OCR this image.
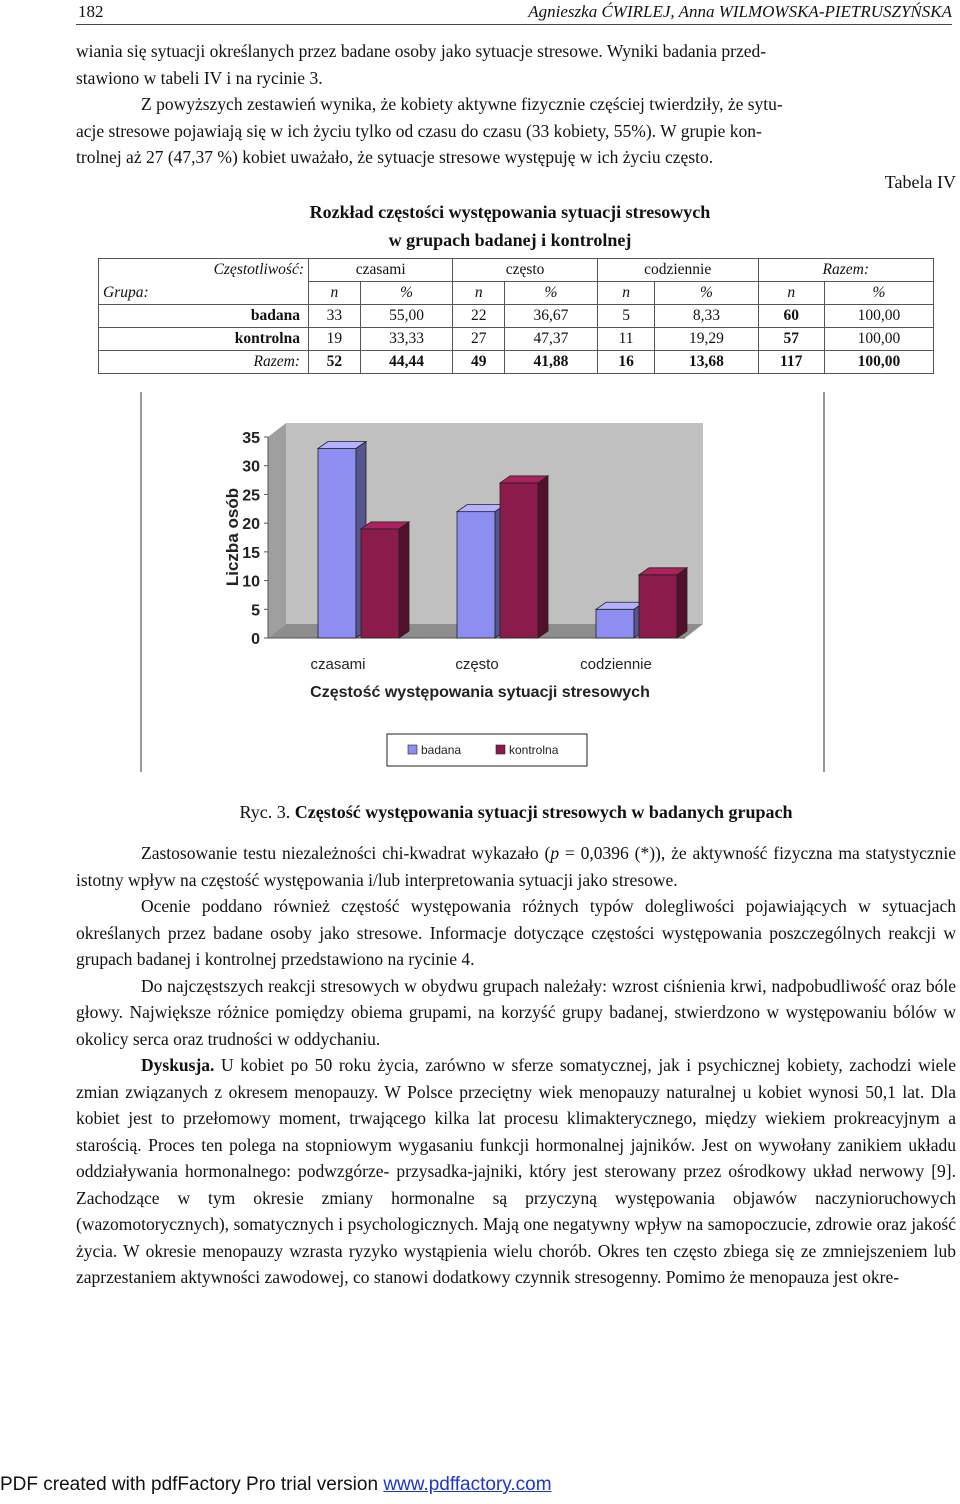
182	Agnieszka ĆWIRLEJ, Anna WILMOWSKA-PIETRUSZYŃSKA

wiania się sytuacji określanych przez badane osoby jako sytuacje stresowe. Wyniki badania przed-

stawiono w tabeli IV i na rycinie 3.

Z powyższych zestawień wynika, że kobiety aktywne fizycznie częściej twierdziły, że sytu-

acje stresowe pojawiają się w ich życiu tylko od czasu do czasu (33 kobiety, 55%). W grupie kon-

trolnej aż 27 (47,37 %) kobiet uważało, że sytuacje stresowe występuję w ich życiu często.

Tabela IV
Rozkład częstości występowania sytuacji stresowych
w grupach badanej i kontrolnej
Częstotliwość:	czasami		często		codziennie		Razem:	
Grupa:	n	%	n	%	n	%	n	%
badana	33	55,00	22	36,67	5	8,33	60	100,00
kontrolna	19	33,33	27	47,37	11	19,29	57	100,00
Razem:	52	44,44	49	41,88	16	13,68	117	100,00
0
5
10
15
20
25
30
35
Liczba osób
czasami	często	codziennie
Częstość występowania sytuacji stresowych
badana	kontrolna
Ryc. 3. Częstość występowania sytuacji stresowych w badanych grupach

Zastosowanie testu niezależności chi-kwadrat wykazało (p = 0,0396 (*)), że aktywność fizyczna ma statystycznie istotny wpływ na częstość występowania i/lub interpretowania sytuacji jako stresowe.

Ocenie poddano również częstość występowania różnych typów dolegliwości pojawiających w sytuacjach określanych przez badane osoby jako stresowe. Informacje dotyczące częstości występowania poszczególnych reakcji w grupach badanej i kontrolnej przedstawiono na rycinie 4.

Do najczęstszych reakcji stresowych w obydwu grupach należały: wzrost ciśnienia krwi, nadpobudliwość oraz bóle głowy. Największe różnice pomiędzy obiema grupami, na korzyść grupy badanej, stwierdzono w występowaniu bólów w okolicy serca oraz trudności w oddychaniu.

Dyskusja. U kobiet po 50 roku życia, zarówno w sferze somatycznej, jak i psychicznej kobiety, zachodzi wiele zmian związanych z okresem menopauzy. W Polsce przeciętny wiek menopauzy naturalnej u kobiet wynosi 50,1 lat. Dla kobiet jest to przełomowy moment, trwającego kilka lat procesu klimakterycznego, między wiekiem prokreacyjnym a starością. Proces ten polega na stopniowym wygasaniu funkcji hormonalnej jajników. Jest on wywołany zanikiem układu oddziaływania hormonalnego: podwzgórze- przysadka-jajniki, który jest sterowany przez ośrodkowy układ nerwowy [9]. Zachodzące w tym okresie zmiany hormonalne są przyczyną występowania objawów naczynioruchowych (wazomotorycznych), somatycznych i psychologicznych. Mają one negatywny wpływ na samopoczucie, zdrowie oraz jakość życia. W okresie menopauzy wzrasta ryzyko wystąpienia wielu chorób. Okres ten często zbiega się ze zmniejszeniem lub zaprzestaniem aktywności zawodowej, co stanowi dodatkowy czynnik stresogenny. Pomimo że menopauza jest okre-

PDF created with pdfFactory Pro trial version www.pdffactory.com
